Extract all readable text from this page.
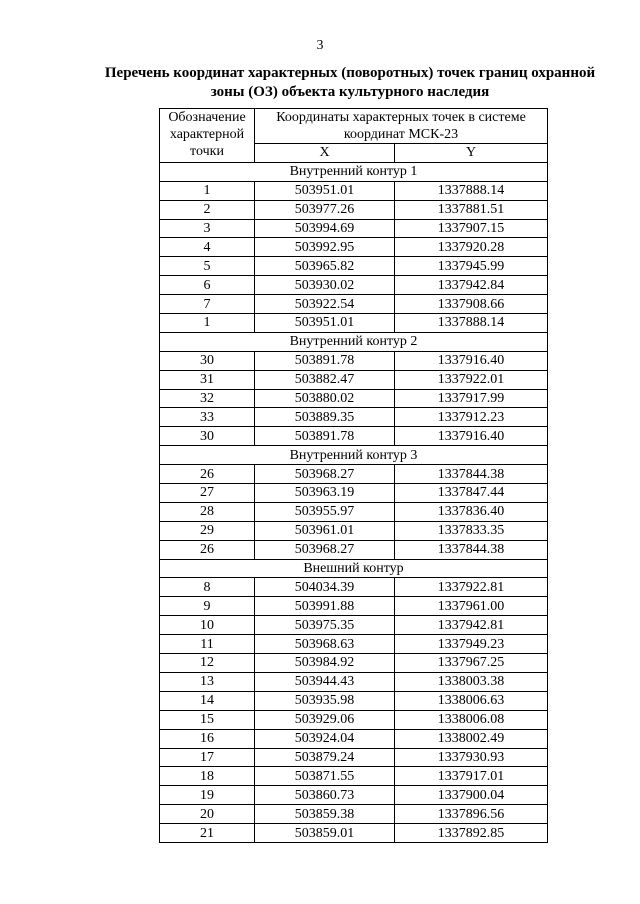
3
Перечень координат характерных (поворотных) точек границ охранной
зоны (ОЗ) объекта культурного наследия
Обозначение
характерной
точки	Координаты характерных точек в системе
координат МСК-23	
	X	Y
Внутренний контур 1		
1	503951.01	1337888.14
2	503977.26	1337881.51
3	503994.69	1337907.15
4	503992.95	1337920.28
5	503965.82	1337945.99
6	503930.02	1337942.84
7	503922.54	1337908.66
1	503951.01	1337888.14
Внутренний контур 2		
30	503891.78	1337916.40
31	503882.47	1337922.01
32	503880.02	1337917.99
33	503889.35	1337912.23
30	503891.78	1337916.40
Внутренний контур 3		
26	503968.27	1337844.38
27	503963.19	1337847.44
28	503955.97	1337836.40
29	503961.01	1337833.35
26	503968.27	1337844.38
Внешний контур		
8	504034.39	1337922.81
9	503991.88	1337961.00
10	503975.35	1337942.81
11	503968.63	1337949.23
12	503984.92	1337967.25
13	503944.43	1338003.38
14	503935.98	1338006.63
15	503929.06	1338006.08
16	503924.04	1338002.49
17	503879.24	1337930.93
18	503871.55	1337917.01
19	503860.73	1337900.04
20	503859.38	1337896.56
21	503859.01	1337892.85
